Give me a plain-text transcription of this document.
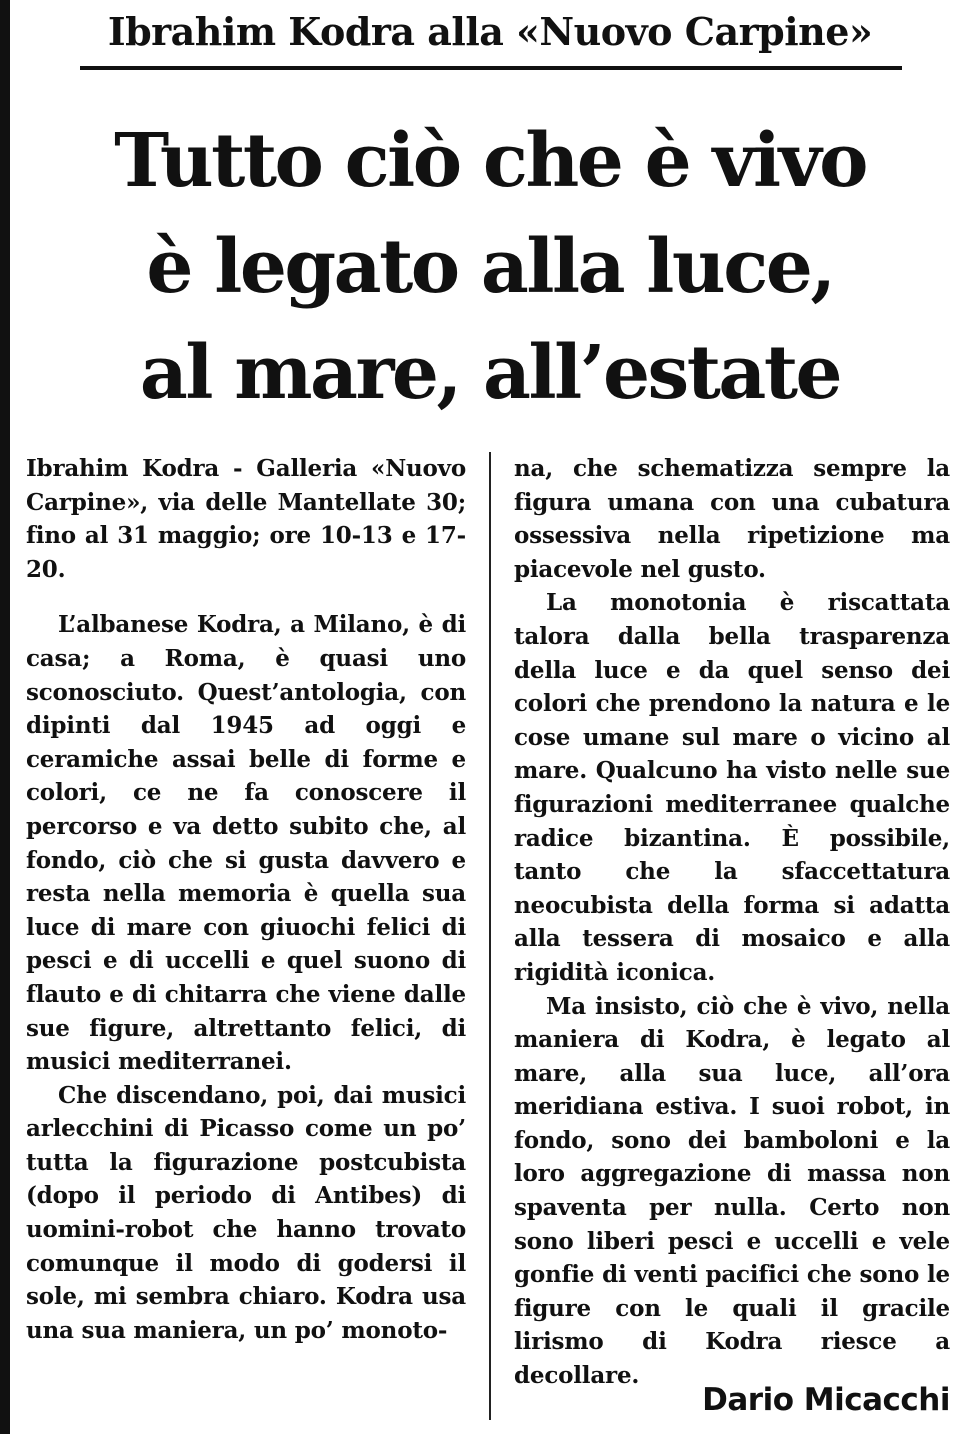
Ibrahim Kodra alla «Nuovo Carpine»
Tutto ciò che è vivo
è legato alla luce,
al mare, all’estate

Ibrahim Kodra - Galleria «Nuovo Carpine», via delle Mantellate 30; fino al 31 maggio; ore 10-13 e 17-20.

L’albanese Kodra, a Milano, è di casa; a Roma, è quasi uno sconosciuto. Quest’antologia, con dipinti dal 1945 ad oggi e ceramiche assai belle di forme e colori, ce ne fa conoscere il percorso e va detto subito che, al fondo, ciò che si gusta davvero e resta nella memoria è quella sua luce di mare con giuochi felici di pesci e di uccelli e quel suono di flauto e di chitarra che viene dalle sue figure, altrettanto felici, di musici mediterranei.

Che discendano, poi, dai musici arlecchini di Picasso come un po’ tutta la figurazione postcubista (dopo il periodo di Antibes) di uomini-robot che hanno trovato comunque il modo di godersi il sole, mi sembra chiaro. Kodra usa una sua maniera, un po’ monoto-

na, che schematizza sempre la figura umana con una cubatura ossessiva nella ripetizione ma piacevole nel gusto.

La monotonia è riscattata talora dalla bella trasparenza della luce e da quel senso dei colori che prendono la natura e le cose umane sul mare o vicino al mare. Qualcuno ha visto nelle sue figurazioni mediterranee qualche radice bizantina. È possibile, tanto che la sfaccettatura neocubista della forma si adatta alla tessera di mosaico e alla rigidità iconica.

Ma insisto, ciò che è vivo, nella maniera di Kodra, è legato al mare, alla sua luce, all’ora meridiana estiva. I suoi robot, in fondo, sono dei bamboloni e la loro aggregazione di massa non spaventa per nulla. Certo non sono liberi pesci e uccelli e vele gonfie di venti pacifici che sono le figure con le quali il gracile lirismo di Kodra riesce a decollare.

Dario Micacchi
